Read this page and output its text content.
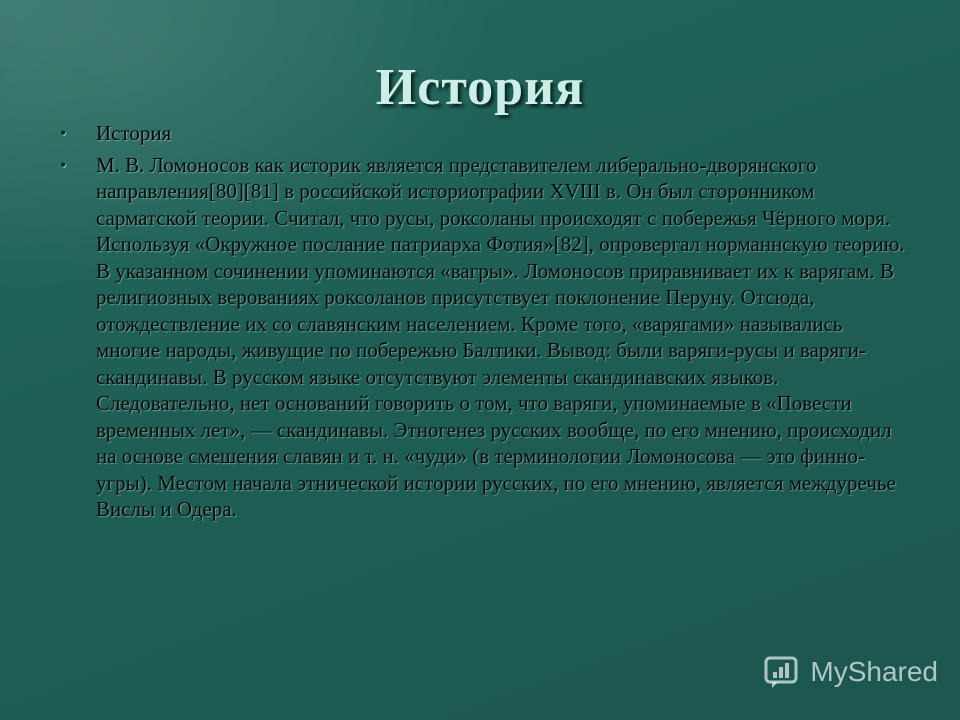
История
•	История
•	М. В. Ломоносов как историк является представителем либерально-дворянского направления[80][81] в российской историографии XVIII в. Он был сторонником сарматской теории. Считал, что русы, роксоланы происходят с побережья Чёрного моря. Используя «Окружное послание патриарха Фотия»[82], опровергал норманнскую теорию. В указанном сочинении упоминаются «вагры». Ломоносов приравнивает их к варягам. В религиозных верованиях роксоланов присутствует поклонение Перуну. Отсюда, отождествление их со славянским населением. Кроме того, «варягами» назывались многие народы, живущие по побережью Балтики. Вывод: были варяги-русы и варяги-скандинавы. В русском языке отсутствуют элементы скандинавских языков. Следовательно, нет оснований говорить о том, что варяги, упоминаемые в «Повести временных лет», — скандинавы. Этногенез русских вообще, по его мнению, происходил на основе смешения славян и т. н. «чуди» (в терминологии Ломоносова — это финно-угры). Местом начала этнической истории русских, по его мнению, является междуречье Вислы и Одера.
MyShared
